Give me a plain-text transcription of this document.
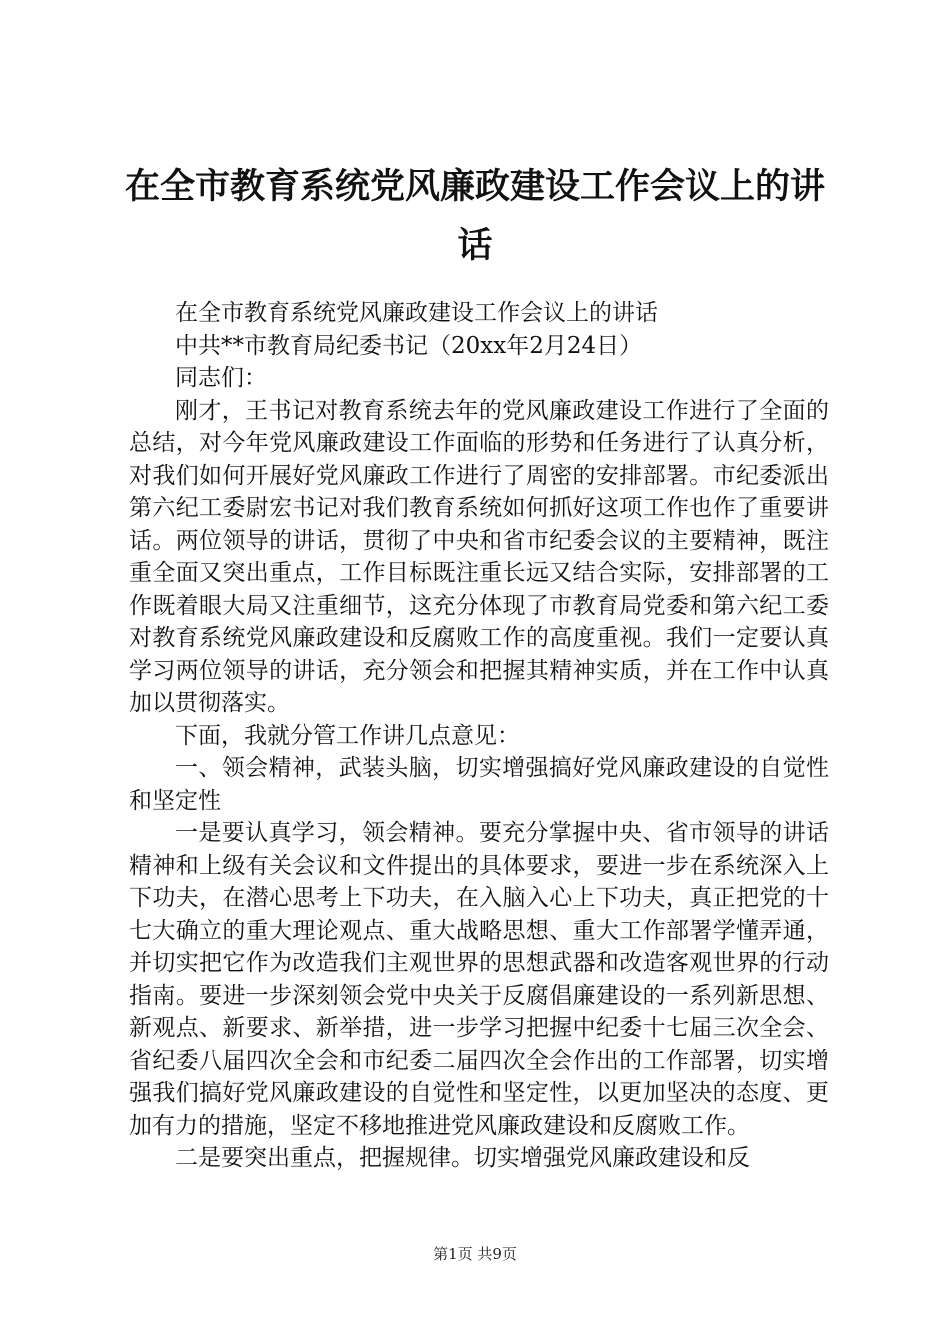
在全市教育系统党风廉政建设工作会议上的讲话

在全市教育系统党风廉政建设工作会议上的讲话

中共**市教育局纪委书记（20xx年2月24日）

同志们：

刚才，王书记对教育系统去年的党风廉政建设工作进行了全面的总结，对今年党风廉政建设工作面临的形势和任务进行了认真分析，对我们如何开展好党风廉政工作进行了周密的安排部署。市纪委派出第六纪工委尉宏书记对我们教育系统如何抓好这项工作也作了重要讲话。两位领导的讲话，贯彻了中央和省市纪委会议的主要精神，既注重全面又突出重点，工作目标既注重长远又结合实际，安排部署的工作既着眼大局又注重细节，这充分体现了市教育局党委和第六纪工委对教育系统党风廉政建设和反腐败工作的高度重视。我们一定要认真学习两位领导的讲话，充分领会和把握其精神实质，并在工作中认真加以贯彻落实。

下面，我就分管工作讲几点意见：

一、领会精神，武装头脑，切实增强搞好党风廉政建设的自觉性和坚定性

一是要认真学习，领会精神。要充分掌握中央、省市领导的讲话精神和上级有关会议和文件提出的具体要求，要进一步在系统深入上下功夫，在潜心思考上下功夫，在入脑入心上下功夫，真正把党的十七大确立的重大理论观点、重大战略思想、重大工作部署学懂弄通，并切实把它作为改造我们主观世界的思想武器和改造客观世界的行动指南。要进一步深刻领会党中央关于反腐倡廉建设的一系列新思想、新观点、新要求、新举措，进一步学习把握中纪委十七届三次全会、省纪委八届四次全会和市纪委二届四次全会作出的工作部署，切实增强我们搞好党风廉政建设的自觉性和坚定性，以更加坚决的态度、更加有力的措施，坚定不移地推进党风廉政建设和反腐败工作。

二是要突出重点，把握规律。切实增强党风廉政建设和反

第1页 共9页
